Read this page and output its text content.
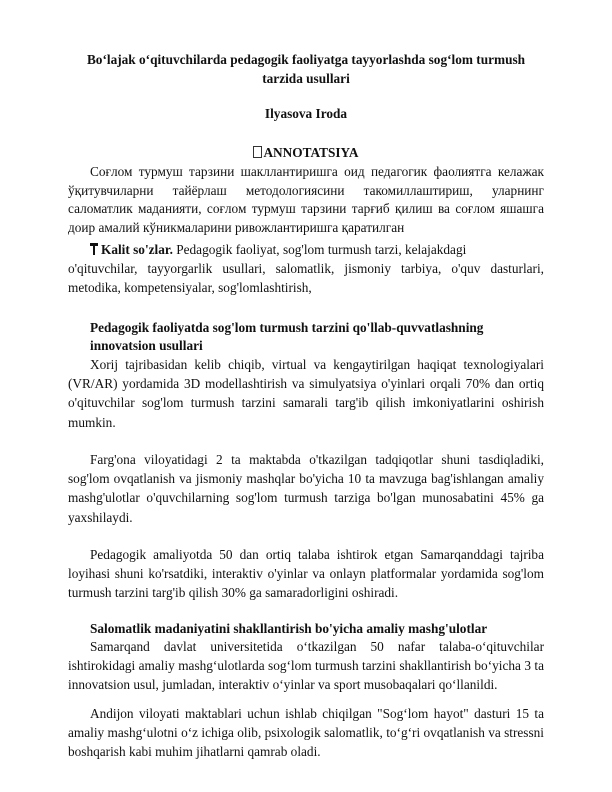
Bo‘lajak o‘qituvchilarda pedagogik faoliyatga tayyorlashda sog‘lom turmush tarzida usullari
Ilyasova Iroda
ANNOTATSIYA

Соғлом турмуш тарзини шакллантиришга оид педагогик фаолиятга келажак ўқитувчиларни тайёрлаш методологиясини такомиллаштириш, уларнинг саломатлик маданияти, соғлом турмуш тарзини тарғиб қилиш ва соғлом яшашга доир амалий кўникмаларини ривожлантиришга қаратилган

Kalit so'zlar. Pedagogik faoliyat, sog'lom turmush tarzi, kelajakdagi
o'qituvchilar, tayyorgarlik usullari, salomatlik, jismoniy tarbiya, o'quv dasturlari, metodika, kompetensiyalar, sog'lomlashtirish,

Pedagogik faoliyatda sog'lom turmush tarzini qo'llab-quvvatlashning innovatsion usullari

Xorij tajribasidan kelib chiqib, virtual va kengaytirilgan haqiqat texnologiyalari (VR/AR) yordamida 3D modellashtirish va simulyatsiya o'yinlari orqali 70% dan ortiq o'qituvchilar sog'lom turmush tarzini samarali targ'ib qilish imkoniyatlarini oshirish mumkin.

Farg'ona viloyatidagi 2 ta maktabda o'tkazilgan tadqiqotlar shuni tasdiqladiki, sog'lom ovqatlanish va jismoniy mashqlar bo'yicha 10 ta mavzuga bag'ishlangan amaliy mashg'ulotlar o'quvchilarning sog'lom turmush tarziga bo'lgan munosabatini 45% ga yaxshilaydi.

Pedagogik amaliyotda 50 dan ortiq talaba ishtirok etgan Samarqanddagi tajriba loyihasi shuni ko'rsatdiki, interaktiv o'yinlar va onlayn platformalar yordamida sog'lom turmush tarzini targ'ib qilish 30% ga samaradorligini oshiradi.

Salomatlik madaniyatini shakllantirish bo'yicha amaliy mashg'ulotlar

Samarqand davlat universitetida o‘tkazilgan 50 nafar talaba-o‘qituvchilar ishtirokidagi amaliy mashg‘ulotlarda sog‘lom turmush tarzini shakllantirish bo‘yicha 3 ta innovatsion usul, jumladan, interaktiv o‘yinlar va sport musobaqalari qo‘llanildi.

Andijon viloyati maktablari uchun ishlab chiqilgan "Sog‘lom hayot" dasturi 15 ta amaliy mashg‘ulotni o‘z ichiga olib, psixologik salomatlik, to‘g‘ri ovqatlanish va stressni boshqarish kabi muhim jihatlarni qamrab oladi.
